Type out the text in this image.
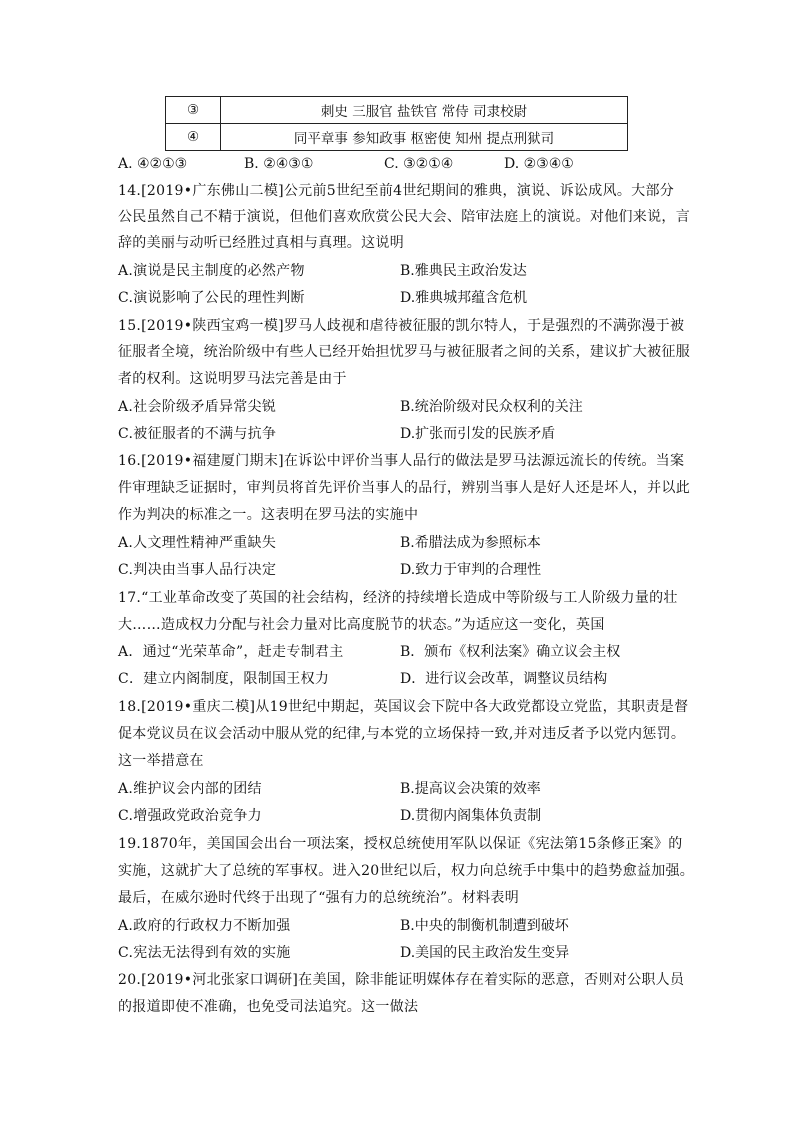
③	刺史 三服官 盐铁官 常侍 司隶校尉
④	同平章事 参知政事 枢密使 知州 提点刑狱司
A. ④②①③	B. ②④③①	C. ③②①④	D. ②③④①
14.[2019•广东佛山二模]公元前5世纪至前4世纪期间的雅典，演说、诉讼成风。大部分
公民虽然自己不精于演说，但他们喜欢欣赏公民大会、陪审法庭上的演说。对他们来说，言
辞的美丽与动听已经胜过真相与真理。这说明
A.演说是民主制度的必然产物	B.雅典民主政治发达
C.演说影响了公民的理性判断	D.雅典城邦蕴含危机
15.[2019•陕西宝鸡一模]罗马人歧视和虐待被征服的凯尔特人，于是强烈的不满弥漫于被
征服者全境，统治阶级中有些人已经开始担忧罗马与被征服者之间的关系，建议扩大被征服
者的权利。这说明罗马法完善是由于
A.社会阶级矛盾异常尖锐	B.统治阶级对民众权利的关注
C.被征服者的不满与抗争	D.扩张而引发的民族矛盾
16.[2019•福建厦门期末]在诉讼中评价当事人品行的做法是罗马法源远流长的传统。当案
件审理缺乏证据时，审判员将首先评价当事人的品行，辨别当事人是好人还是坏人，并以此
作为判决的标准之一。这表明在罗马法的实施中
A.人文理性精神严重缺失	B.希腊法成为参照标本
C.判决由当事人品行决定	D.致力于审判的合理性
17.“工业革命改变了英国的社会结构，经济的持续增长造成中等阶级与工人阶级力量的壮
大……造成权力分配与社会力量对比高度脱节的状态。”为适应这一变化，英国
A．通过“光荣革命”，赶走专制君主	B．颁布《权利法案》确立议会主权
C．建立内阁制度，限制国王权力	D．进行议会改革，调整议员结构
18.[2019•重庆二模]从19世纪中期起，英国议会下院中各大政党都设立党监，其职责是督
促本党议员在议会活动中服从党的纪律,与本党的立场保持一致,并对违反者予以党内惩罚。
这一举措意在
A.维护议会内部的团结	B.提高议会决策的效率
C.增强政党政治竞争力	D.贯彻内阁集体负责制
19.1870年，美国国会出台一项法案，授权总统使用军队以保证《宪法第15条修正案》的
实施，这就扩大了总统的军事权。进入20世纪以后，权力向总统手中集中的趋势愈益加强。
最后，在威尔逊时代终于出现了“强有力的总统统治”。材料表明
A.政府的行政权力不断加强	B.中央的制衡机制遭到破坏
C.宪法无法得到有效的实施	D.美国的民主政治发生变异
20.[2019•河北张家口调研]在美国，除非能证明媒体存在着实际的恶意，否则对公职人员
的报道即使不准确，也免受司法追究。这一做法
